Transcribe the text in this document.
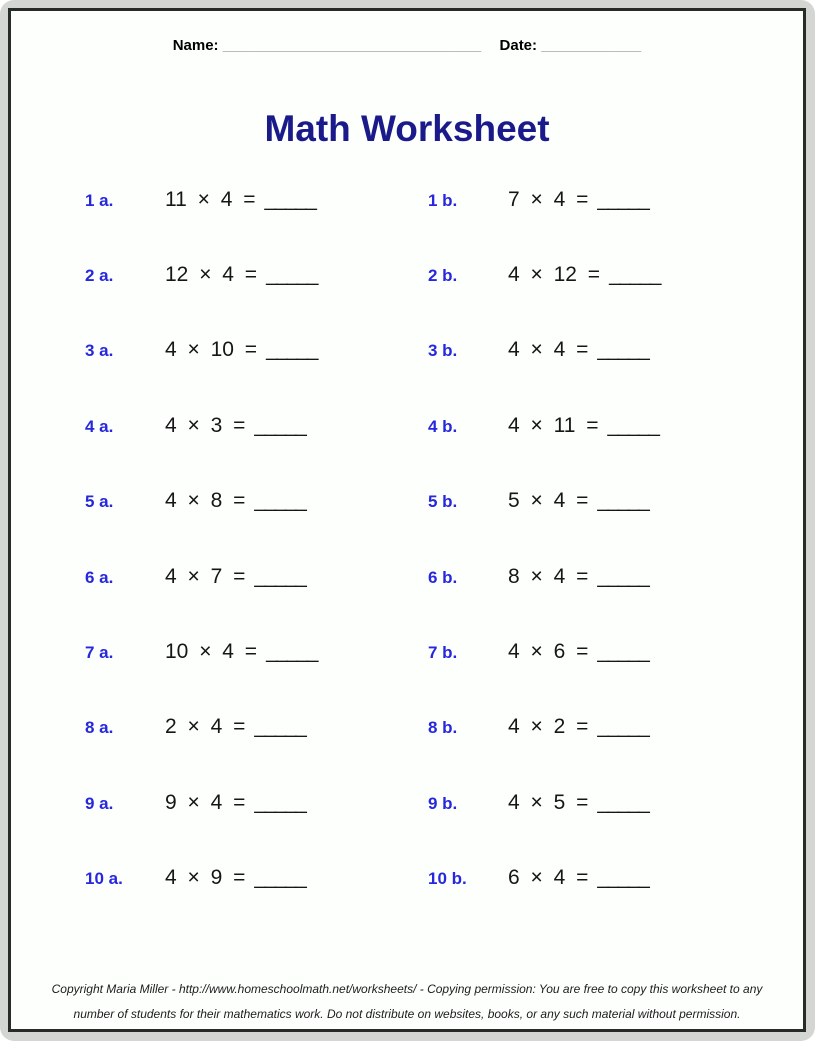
Name: _______________________________ Date: ____________
Math Worksheet
1 a.	11 × 4 = _____	1 b.	7 × 4 = _____
2 a.	12 × 4 = _____	2 b.	4 × 12 = _____
3 a.	4 × 10 = _____	3 b.	4 × 4 = _____
4 a.	4 × 3 = _____	4 b.	4 × 11 = _____
5 a.	4 × 8 = _____	5 b.	5 × 4 = _____
6 a.	4 × 7 = _____	6 b.	8 × 4 = _____
7 a.	10 × 4 = _____	7 b.	4 × 6 = _____
8 a.	2 × 4 = _____	8 b.	4 × 2 = _____
9 a.	9 × 4 = _____	9 b.	4 × 5 = _____
10 a.	4 × 9 = _____	10 b.	6 × 4 = _____
Copyright Maria Miller - http://www.homeschoolmath.net/worksheets/ - Copying permission: You are free to copy this worksheet to any
number of students for their mathematics work. Do not distribute on websites, books, or any such material without permission.
